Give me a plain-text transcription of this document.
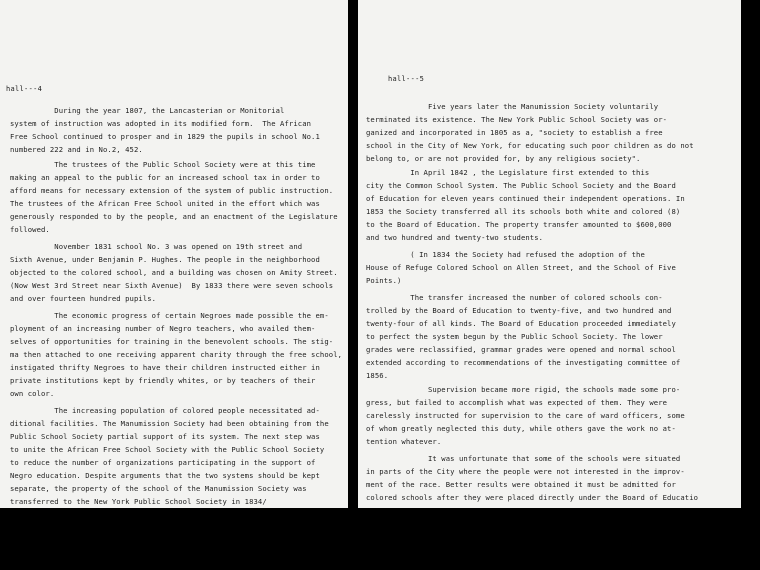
hall---4

During the year 1807, the Lancasterian or Monitorial
system of instruction was adopted in its modified form.  The African
Free School continued to prosper and in 1829 the pupils in school No.1
numbered 222 and in No.2, 452.

The trustees of the Public School Society were at this time
making an appeal to the public for an increased school tax in order to
afford means for necessary extension of the system of public instruction.
The trustees of the African Free School united in the effort which was
generously responded to by the people, and an enactment of the Legislature
followed.

November 1831 school No. 3 was opened on 19th street and
Sixth Avenue, under Benjamin P. Hughes. The people in the neighborhood
objected to the colored school, and a building was chosen on Amity Street.
(Now West 3rd Street near Sixth Avenue)  By 1833 there were seven schools
and over fourteen hundred pupils.

The economic progress of certain Negroes made possible the em-
ployment of an increasing number of Negro teachers, who availed them-
selves of opportunities for training in the benevolent schools. The stig-
ma then attached to one receiving apparent charity through the free school,
instigated thrifty Negroes to have their children instructed either in
private institutions kept by friendly whites, or by teachers of their
own color.

The increasing population of colored people necessitated ad-
ditional facilities. The Manumission Society had been obtaining from the
Public School Society partial support of its system. The next step was
to unite the African Free School Society with the Public School Society
to reduce the number of organizations participating in the support of
Negro education. Despite arguments that the two systems should be kept
separate, the property of the school of the Manumission Society was
transferred to the New York Public School Society in 1834/

hall---5

Five years later the Manumission Society voluntarily
terminated its existence. The New York Public School Society was or-
ganized and incorporated in 1805 as a, "society to establish a free
school in the City of New York, for educating such poor children as do not
belong to, or are not provided for, by any religious society".

In April 1842 , the Legislature first extended to this
city the Common School System. The Public School Society and the Board
of Education for eleven years continued their independent operations. In
1853 the Society transferred all its schools both white and colored (8)
to the Board of Education. The property transfer amounted to $600,000
and two hundred and twenty-two students.

( In 1834 the Society had refused the adoption of the
House of Refuge Colored School on Allen Street, and the School of Five
Points.)

The transfer increased the number of colored schools con-
trolled by the Board of Education to twenty-five, and two hundred and
twenty-four of all kinds. The Board of Education proceeded immediately
to perfect the system begun by the Public School Society. The lower
grades were reclassified, grammar grades were opened and normal school
extended according to recommendations of the investigating committee of
1856.

Supervision became more rigid, the schools made some pro-
gress, but failed to accomplish what was expected of them. They were
carelessly instructed for supervision to the care of ward officers, some
of whom greatly neglected this duty, while others gave the work no at-
tention whatever.

It was unfortunate that some of the schools were situated
in parts of the City where the people were not interested in the improv-
ment of the race. Better results were obtained it must be admitted for
colored schools after they were placed directly under the Board of Educatio
